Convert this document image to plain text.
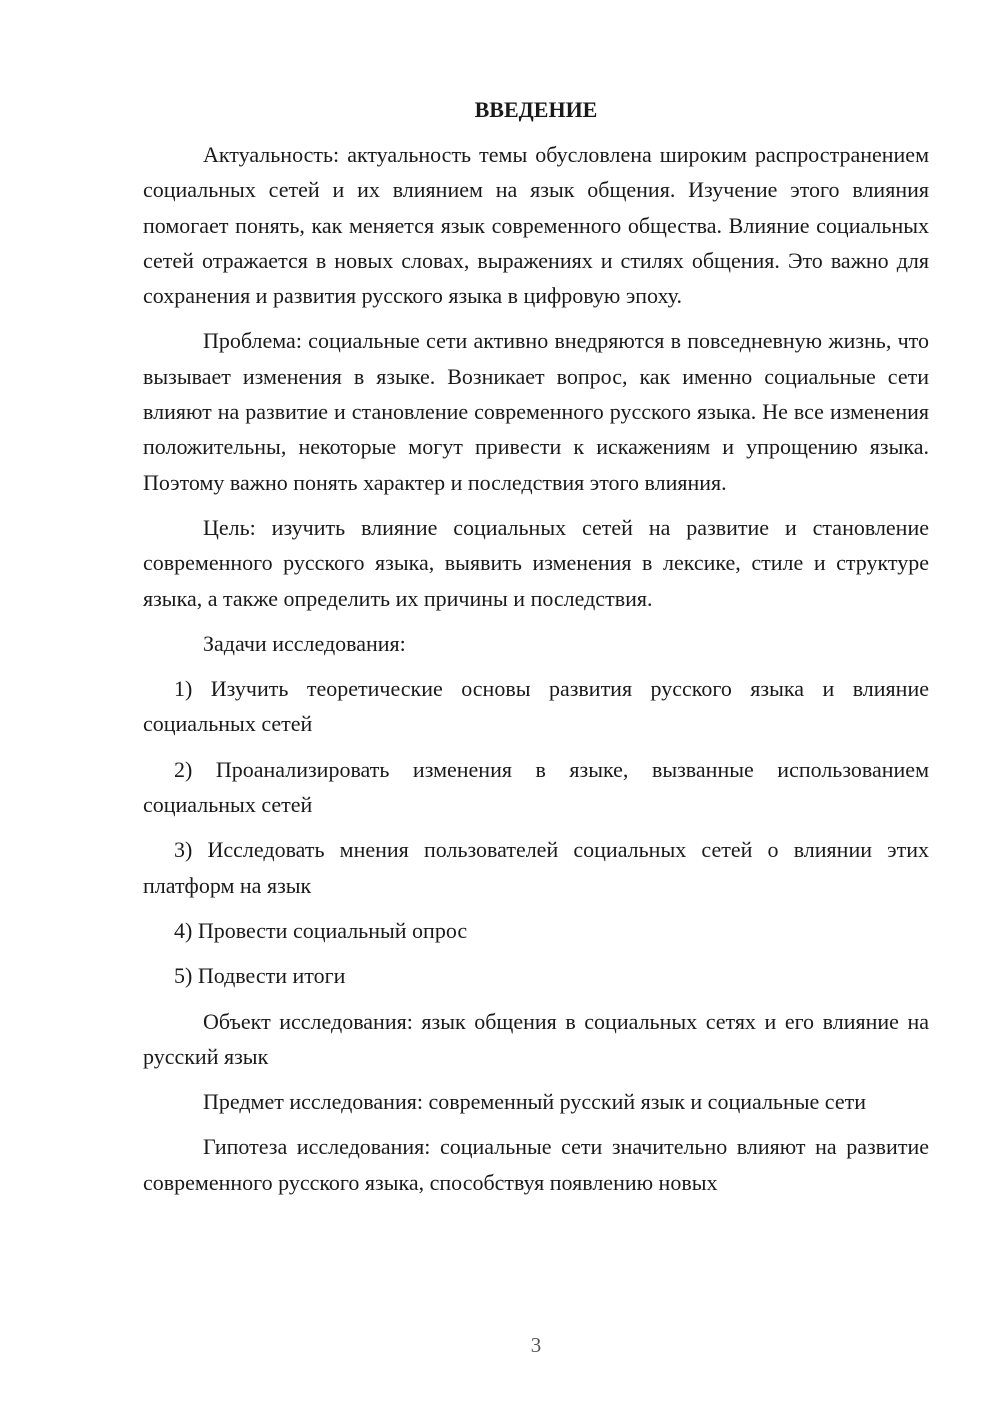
ВВЕДЕНИЕ

Актуальность: актуальность темы обусловлена широким распространением социальных сетей и их влиянием на язык общения. Изучение этого влияния помогает понять, как меняется язык современного общества. Влияние социальных сетей отражается в новых словах, выражениях и стилях общения. Это важно для сохранения и развития русского языка в цифровую эпоху.

Проблема: социальные сети активно внедряются в повседневную жизнь, что вызывает изменения в языке. Возникает вопрос, как именно социальные сети влияют на развитие и становление современного русского языка. Не все изменения положительны, некоторые могут привести к искажениям и упрощению языка. Поэтому важно понять характер и последствия этого влияния.

Цель: изучить влияние социальных сетей на развитие и становление современного русского языка, выявить изменения в лексике, стиле и структуре языка, а также определить их причины и последствия.

Задачи исследования:

1) Изучить теоретические основы развития русского языка и влияние социальных сетей

2) Проанализировать изменения в языке, вызванные использованием социальных сетей

3) Исследовать мнения пользователей социальных сетей о влиянии этих платформ на язык

4) Провести социальный опрос

5) Подвести итоги

Объект исследования: язык общения в социальных сетях и его влияние на русский язык

Предмет исследования: современный русский язык и социальные сети

Гипотеза исследования: социальные сети значительно влияют на развитие современного русского языка, способствуя появлению новых

3
